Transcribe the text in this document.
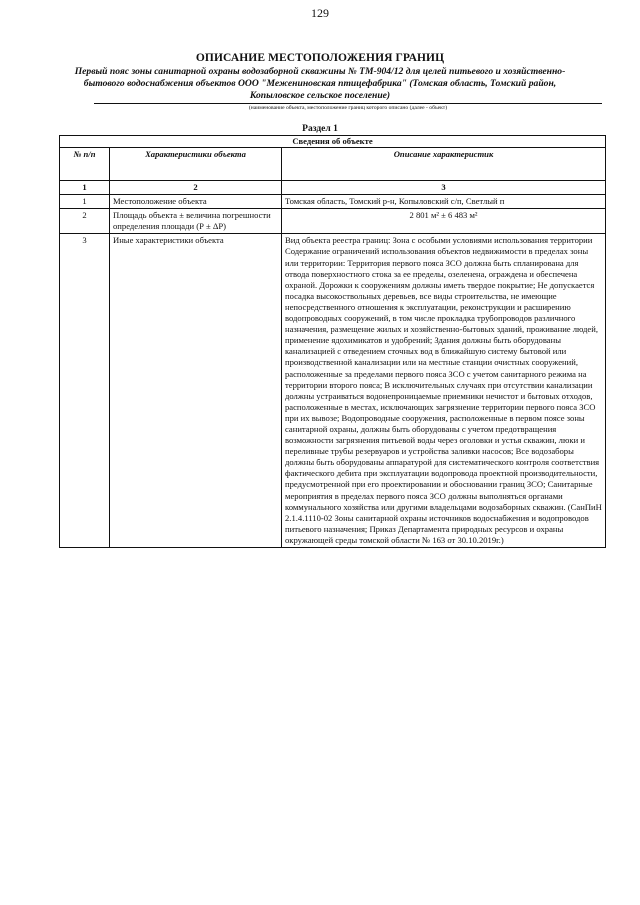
129
ОПИСАНИЕ МЕСТОПОЛОЖЕНИЯ ГРАНИЦ
Первый пояс зоны санитарной охраны водозаборной скважины № ТМ-904/12 для целей питьевого и хозяйственно-бытового водоснабжения объектов ООО "Межениновская птицефабрика" (Томская область, Томский район, Копыловское сельское поселение)
(наименование объекта, местоположение границ которого описано (далее - объект)
Раздел 1
Сведения об объекте		
№ п/п	Характеристики объекта	Описание характеристик
1	2	3
1	Местоположение объекта	Томская область, Томский р-н, Копыловский с/п, Светлый п
2	Площадь объекта ± величина погрешности определения площади (Р ± ΔР)	2 801 м² ± 6 483 м²
3	Иные характеристики объекта	Вид объекта реестра границ: Зона с особыми условиями использования территории
Содержание ограничений использования объектов недвижимости в пределах зоны или территории: Территория первого пояса ЗСО должна быть спланирована для отвода поверхностного стока за ее пределы, озеленена, ограждена и обеспечена охраной. Дорожки к сооружениям должны иметь твердое покрытие; Не допускается посадка высокоствольных деревьев, все виды строительства, не имеющие непосредственного отношения к эксплуатации, реконструкции и расширению водопроводных сооружений, в том числе прокладка трубопроводов различного назначения, размещение жилых и хозяйственно-бытовых зданий, проживание людей, применение ядохимикатов и удобрений; Здания должны быть оборудованы канализацией с отведением сточных вод в ближайшую систему бытовой или производственной канализации или на местные станции очистных сооружений, расположенные за пределами первого пояса ЗСО с учетом санитарного режима на территории второго пояса; В исключительных случаях при отсутствии канализации должны устраиваться водонепроницаемые приемники нечистот и бытовых отходов, расположенные в местах, исключающих загрязнение территории первого пояса ЗСО при их вывозе; Водопроводные сооружения, расположенные в первом поясе зоны санитарной охраны, должны быть оборудованы с учетом предотвращения возможности загрязнения питьевой воды через оголовки и устья скважин, люки и переливные трубы резервуаров и устройства заливки насосов; Все водозаборы должны быть оборудованы аппаратурой для систематического контроля соответствия фактического дебита при эксплуатации водопровода проектной производительности, предусмотренной при его проектировании и обосновании границ ЗСО; Санитарные мероприятия в пределах первого пояса ЗСО должны выполняться органами коммунального хозяйства или другими владельцами водозаборных скважин. (СанПиН 2.1.4.1110-02 Зоны санитарной охраны источников водоснабжения и водопроводов питьевого назначения; Приказ Департамента природных ресурсов и охраны окружающей среды томской области № 163 от 30.10.2019г.)
